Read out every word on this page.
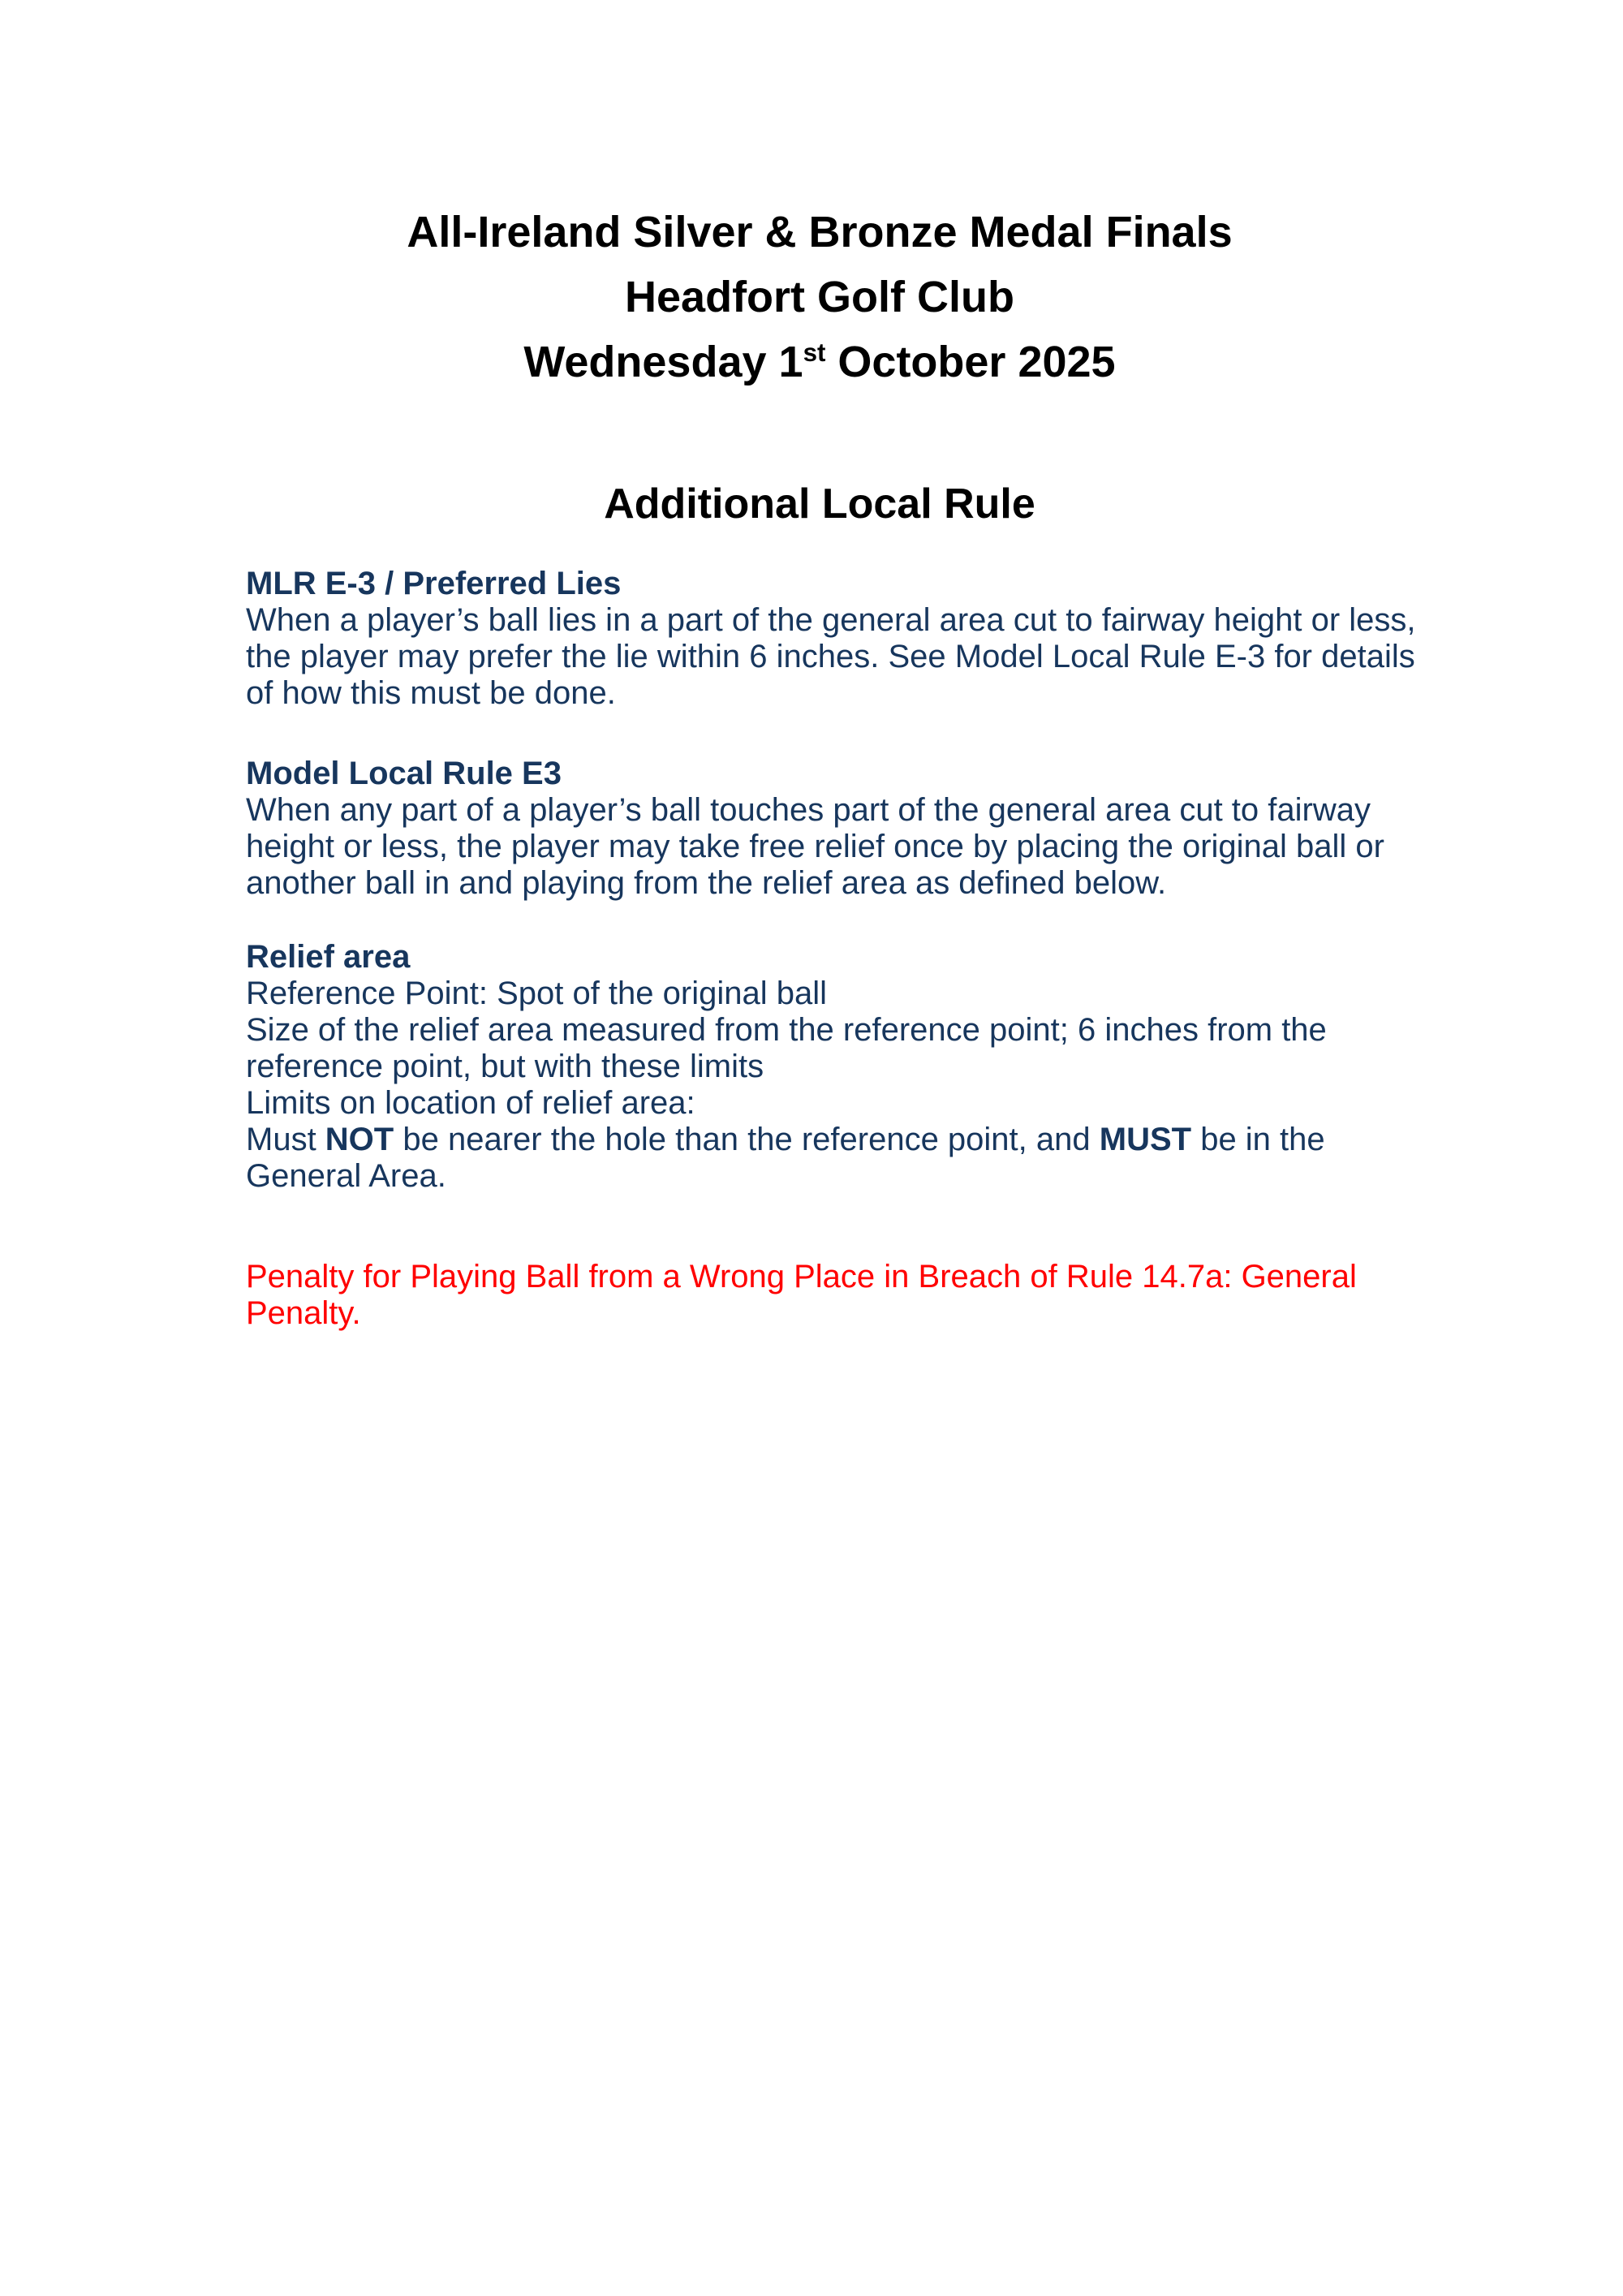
All-Ireland Silver & Bronze Medal Finals
Headfort Golf Club
Wednesday 1st October 2025
Additional Local Rule
MLR E-3 / Preferred Lies
When a player’s ball lies in a part of the general area cut to fairway height or less,
the player may prefer the lie within 6 inches. See Model Local Rule E-3 for details
of how this must be done.
Model Local Rule E3
When any part of a player’s ball touches part of the general area cut to fairway
height or less, the player may take free relief once by placing the original ball or
another ball in and playing from the relief area as defined below.
Relief area
Reference Point: Spot of the original ball
Size of the relief area measured from the reference point; 6 inches from the
reference point, but with these limits
Limits on location of relief area:
Must NOT be nearer the hole than the reference point, and MUST be in the
General Area.
Penalty for Playing Ball from a Wrong Place in Breach of Rule 14.7a: General
Penalty.
